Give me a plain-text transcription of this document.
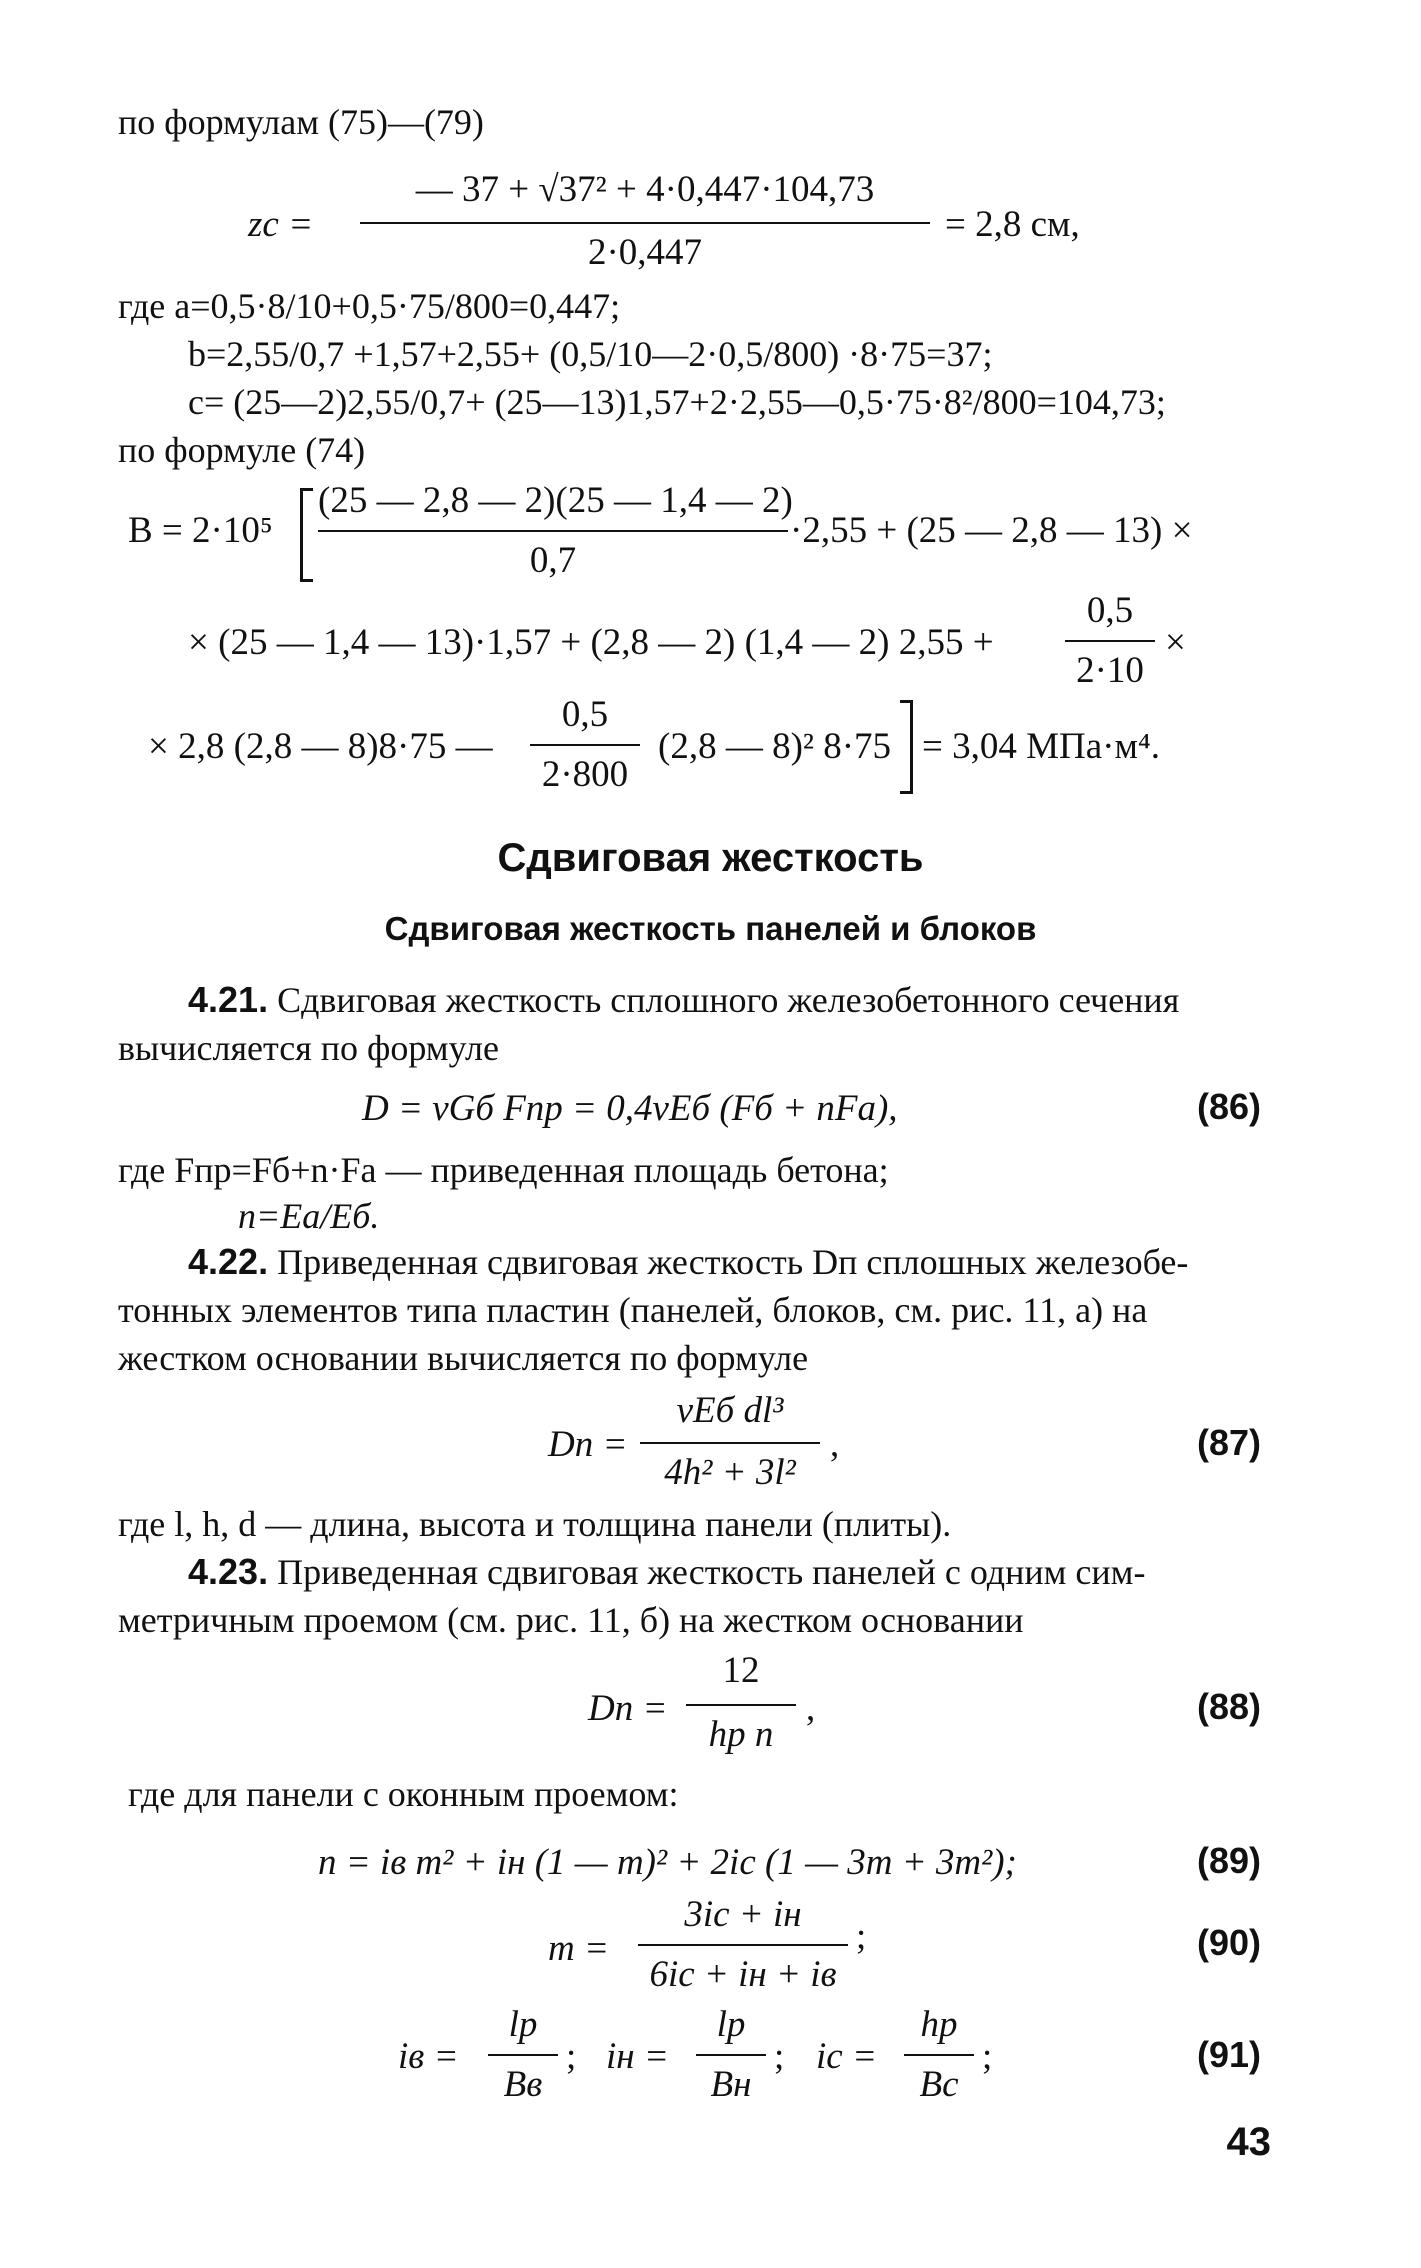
по формулам (75)—(79)
zc =
— 37 + √37² + 4·0,447·104,73
2·0,447
= 2,8 см,
где a=0,5·8/10+0,5·75/800=0,447;
b=2,55/0,7 +1,57+2,55+ (0,5/10—2·0,5/800) ·8·75=37;
c= (25—2)2,55/0,7+ (25—13)1,57+2·2,55—0,5·75·8²/800=104,73;
по формуле (74)
B = 2·10⁵
(25 — 2,8 — 2)(25 — 1,4 — 2)
0,7
·2,55 + (25 — 2,8 — 13) ×
× (25 — 1,4 — 13)·1,57 + (2,8 — 2) (1,4 — 2) 2,55 +
0,5
2·10
×
× 2,8 (2,8 — 8)8·75 —
0,5
2·800
(2,8 — 8)² 8·75 = 3,04 МПа·м⁴.
Сдвиговая жесткость
Сдвиговая жесткость панелей и блоков
4.21. Сдвиговая жесткость сплошного железобетонного сечения
вычисляется по формуле
D = νGб Fпр = 0,4νEб (Fб + nFа),	(86)
где Fпр=Fб+n·Fа — приведенная площадь бетона;
n=Eа/Eб.
4.22. Приведенная сдвиговая жесткость Dп сплошных железобе-
тонных элементов типа пластин (панелей, блоков, см. рис. 11, а) на
жестком основании вычисляется по формуле
Dп =
νEб dl³
4h² + 3l²
,	(87)
где l, h, d — длина, высота и толщина панели (плиты).
4.23. Приведенная сдвиговая жесткость панелей с одним сим-
метричным проемом (см. рис. 11, б) на жестком основании
Dп =
12
hр n
,	(88)
где для панели с оконным проемом:
n = iв m² + iн (1 — m)² + 2iс (1 — 3m + 3m²);	(89)
m =
3iс + iн
6iс + iн + iв
;	(90)
iв =
lр
Bв
; iн =
lр
Bн
; iс =
hр
Bс
;	(91)
43
